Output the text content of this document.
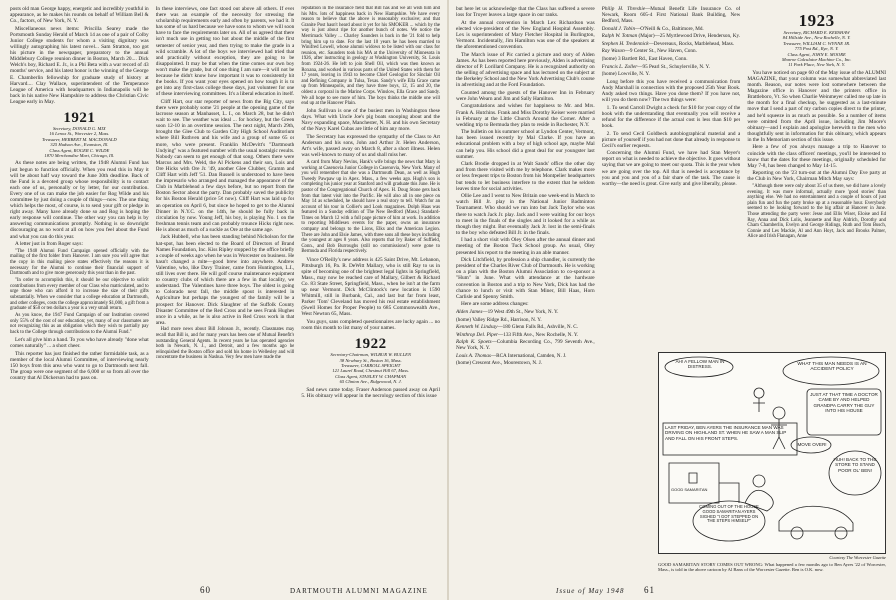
posts old man George happy, energetic and incredibly youthful in appearance, as he makes his rounds on behalf of William Bell & Co., factors, of New York, N. Y.

Miscellaneous news items: Priscilla Searey made the Portsmouth Sunday Herald of March 14 as one of a pair of Colby Junior College students for whom a visiting dignitary was willingly autographing his latest novel... Sam Stratton, too got his picture in the newspaper, preparatory to the annual Middlebury College reunion dinner in Boston, March 20.... Dick Welch's boy, Richard E. Jr., is a Phi Beta with a war record of 43 months' service, and his latest honor is the winning of the George E. Chamberlin fellowship for graduate study of history at Harvard.... Clay Wallace, superintendent of the Temperance League of America with headquarters in Indianapolis will be back in his native New Hampshire to address the Christian Civic League early in May.

1921
Secretary, DONALD G. MIX
16 Lenox St., Worcester 2, Mass.
Treasurer, HERBERT M. MACDONALD
325 Hudson Ave., Evanston, Ill.
Class Agent, ROGER C. WILDE
1870 Merchandise Mart, Chicago, Ill.

As these notes are being written, the 1948 Alumni Fund has just begun to function officially. When you read this in May it will be about half way toward the June 30th deadline. Back of the Fund is a devoted group whose responsibility is to contact each one of us, personally or by letter, for our contribution. Every one of us can make the job easier for Rog Wilde and his committee by just doing a couple of things—now. The one thing which helps the most, of course, is to send your gift or pledge in right away. Many have already done so and Rog is hoping the early response will continue. The other way you can help is by answering communications promptly. Nothing is so downright discouraging as no word at all on how you feel about the Fund and what you can do this year.

A letter just in from Roger says:

"The 1948 Alumni Fund Campaign opened officially with the mailing of the first folder from Hanover. I am sure you will agree that the copy in this mailing piece states effectively the reasons it is necessary for the Alumni to continue their financial support of Dartmouth and to give more generously this year than in the past.

"In order to accomplish this, it should be our objective to solicit contributions from every member of our Class who matriculated, and to urge those who can afford it to increase the size of their gifts substantially. When we consider that a college education at Dartmouth, and other colleges, costs the college approximately $1,000, a gift from a graduate of $50 or ten dollars a year is a very small return.

As you know, the 1947 Fund Campaign of our Institution covered only 55% of the cost of our education; yet, many of our classmates are not recognizing this as an obligation which they wish to partially pay back to the College through contributions to the Alumni Fund."

Let's all give him a hand. To you who have already "done what comes naturally" ... a short cheer.

This reporter has just finished the rather formidable task, as a member of the local Alumni Committee, of interviewing nearly 150 boys from this area who want to go to Dartmouth next fall. The group were one segment of the 6,000 or so from all over the country that Al Dickerson had to pass on.

In these interviews, one fact stood out above all others. If ever there was an example of the necessity for stressing the scholarship requirements early and often by parents, we had it. It has some of us hard because we have sons to whom we will soon have to face the requirements later on. All of us agreed that there isn't much use in getting too hot about the middle of the first semester of senior year, and then trying to make the grade in a wild scramble. A lot of the boys we interviewed had tried that and practically without exception, they are going to be disappointed. It may be that when the time comes our own boy won't make the grade, but of one thing I am sure—it will not be because he didn't know how important it was to consistently hit the books. If you want your eyes opened on how tough it is to get into any first-class college these days, just volunteer for one of these interviewing committees. It's a liberal education in itself.

Cliff Hart, our star reporter of news from the Big City, says there were probably some '21 people at the opening game of the lacrosse season at Manhasset, L. I., on March 28, but he didn't wait to see. The weather was ideal ... for hockey, but the Green soon 12-10 in an overtime session. The next night, March 29th, brought the Glee Club to Garden City High School Auditorium where Bill Ruthven and his wife and a group of some 65 or more, who were present. Franklin McDevitt's "Dartmouth Undying" was a featured number with the usual nostalgic results. Nobody can seem to get enough of that song. Others there were Marcus and Mrs. Weld, the Al Pickens and their son, Lois and Ore Hicks with Ore Jr. '49, another Glee Clubber, Gramm and Cliff Hart with Jeff '51. Dan Russell is understood to have been the impresario who arranged and managed the appearance of the Club in Marblehead a few days before, but no report from the Boston Sector about the party. Dan probably saved the publicity for his Boston Herald (price 5¢ now). Cliff Hart was laid up for an operation on April 6, but since he hoped to get to the Alumni Dinner in N.Y.C. on the 14th, he should be fully back in circulation by now. Young Jeff, his boy, is playing No. 1 on the freshman tennis team and can probably trounce Hicks right now. He is about as much of a suckle as Ore at the same age.

Jack Hubbell, who has been standing behind Nicholson for the hat-spot, has been elected to the Board of Directors of Brand Names Foundation, Inc. Kiss Ripley stopped by the office briefly a couple of weeks ago when he was in Worcester on business. He hasn't changed a mite—good brew into anywhere. Andrew Valentine, who, like Davy Trainer, came from Huntington, L.I., still lives over there. He will golf course maintenance equipment to country clubs of which there are a few in that locality, we understand. The Valentines have three boys. The oldest is going to Colorado next fall, the middle spout is interested in Agriculture but perhaps the youngest of the family will be a prospect for Hanover. Dick Slaughter of the Suffolk County Disaster Committee of the Red Cross and he sees Frank Hughes once in a while, as he is also active in Red Cross work in that area.

Had more news about Bill Johnson Jr., recently. Classmates may recall that Bill is, and for many years has been one of Mutual Benefit's outstanding General Agents. In recent years he has operated agencies both in Newark, N. J., and Detroit, and a few months ago he relinquished the Boston office and sold his home in Wellesley and will concentrate the business in Nashua. Very few men have made the

reputation in the insurance field that Bill has and we all wish him and his Mrs. lots of happiness back in New Hampshire. We have every reason to believe that the above is reasonably exclusive; and that Granite Post hasn't heard about it yet for his SMOKER ... which by the way is just about ripe for another bunch of notes. We notice the Merrimack Valley ... Charley Saunders is back in the '21 fold to help bring him up to date. For the last 10 years he has been married to Winifred Lowell, whose alumni widows to be listed with our class for reunion, etc. Saunders took his MA at the University of Minnesota in 1926, after instructing in geology at Washington University, St. Louis from 1924-26. He left to join Shell Oil, which was then known as Roxana, and worked in various parts of the United States with them for 17 years, leaving in 1943 to become Chief Geologist for Sinclair Oil and Refining Company in Tulsa, Texas. Sandy's wife Ella Grace came up from Minneapolis, and they have three boys, 12, 15 and 20, the oldest a corporal in the Marine Corps. Winslow, Ella Grace and Sandy. We all hope to see more of him. The boys thinks the middle one will end up at the Hanover Plain.

John Sullivan is one of the busiest men in Washington these days. What with Uncle Joe's pig boats snooping about and the Navy expanding space, Manchester, N. H. and his own Secretary of the Navy Karel Cubas are little of him any more.

The Secretary has expressed the sympathy of the Class to Art Anderson and his sons, John and Arthur Jr. Helen Anderson, Art's wife, passed away on March 8, after a short illness. Helen was well-known to many of us and shall miss her.

A card from Mary Nevins, Hank's wife brings the news that Mary is working at Casenovia Junior College in Casenovia, New York. Many of you will remember that she was a Dartmouth Dean, as well as Hugh Tweedy Pawpaw up in Apex. Mass., a few weeks ago. Hugh's son is completing his junior year at Stanford and will graduate this June. He is pastor of the Congregational Church of Apex. H. Doug Stone gets back from that latest visit into the Pacific. He will also all in one piece on May 14 as scheduled, he should have a real story to tell. Watch for an account of his tour in Collier's and Look magazines. Dolph Haas was featured in a Sunday edition of The New Bedford (Mass.) Standard-Times on March 12 with a full page picture of him at work. In addition to reporting Middlesex events for the paper, owns an insurance company and belongs to the Lions, Elks and the American Legion. There are John and Elsie James, with three sons all these boys including the youngest at ages 8 years. Also reports that Ivy Baker of Suffield, Conn., and Bob Burroughs (still no commissions!) were gone to Bermuda and Florida respectively.

Vince O'Reilly's new address is 425 Saint Drive, Mt. Lebanon, Pittsburgh 16, Pa. R. DeWitt Mallary, who is still Ray to us in spite of becoming one of the brightest legal lights in Springfield, Mass., may now be reached care of Mallary, Gilbert & Richard Co. 83 State Street, Springfield, Mass., when he isn't at the farm up near Vermont. Dick McClintock's new location is 1590 Whitmill, still in Burbank, Cal., and last but far from least, Parker 'Tom' Cleveland has moved his real estate establishment (Swell Homes for Proper People) to 685 Commonwealth Ave., West Newton 65, Mass.

You guys, sans completed questionnaires are lucky again ... no room this month to list many of your names.

1922
Secretary-Chairman, WILBUR W. BULLEN
38 Newbury St., Boston 16, Mass.
Treasurer, CARROLL SPEIGHT
121 Laurel Road, Chestnut Hill 67, Mass.
Class Agent, STANLEY W. CHAPMAN
65 Clinton Ave., Ridgewood, N. J.

Sad news came today. Fraser Anderson passed away on April 5. His obituary will appear in the necrology section of this issue

60	DARTMOUTH ALUMNI MAGAZINE

but here let us acknowledge that the Class has suffered a severe loss for Troyer leaves a large space in our ranks.

At the annual convention in March Lex Richardson was elected vice-president of the New England Hospital Assembly. Lex is superintendent of Mary Fletcher Hospital in Burlington, Vermont. Incidentally, Jim Hamilton was one of the speakers at the aforementioned convention.

The March issue of Pic carried a picture and story of Alden James. As has been reported here previously, Alden is advertising director of P. Lorillard Company. He is a recognized authority on the selling of advertising space and has lectured on the subject at the Berkeley School and the New York Advertising Club's course in advertising and at the Ford Foundation.

Counted among the guests of the Hanover Inn in February were John Wearn and Jim and Sally Hamilton.

Congratulations and wishes for happiness to Mr. and Mrs. Frank A. Hutchins. Frank and Miss Dorothy Keiser were married in February at the Little Church Around the Corner. After a wedding trip to Bermuda they plan to reside in Rochester, N.Y.

The bulletin on his summer school at Lyndon Center, Vermont, has been issued recently by Mal Clarke. If you have an educational problem with a boy of high school age, maybe Mal can help you. His school did a great deal for our youngster last summer.

Clark Brodie dropped in at Walt Sands' office the other day and from there visited with me by telephone. Clark makes more or less frequent trips to Boston from his Montpelier headquarters but tends to let business interfere to the extent that he seldom leaves time for social activities.

Ollie Lee and I went to New Britain one week-end in March to watch Bill Jr. play in the National Junior Badminton Tournament. Who should we run into but Jack Taylor who was there to watch Jack Jr. play. Jack and I were waiting for our boys to meet in the finals of the singles and it looked for a while as though they might. But eventually Jack Jr. lost in the semi-finals to the boy who defeated Bill Jr. in the finals.

I had a short visit with Oley Olsen after the annual dinner and meeting of the Boston Tuck School group. As usual, Oley presented his report to the meeting in an able manner.

Dick Litchfield, by profession a ship chandler, is currently the president of the Charles River Club of Dartmouth. He is working on a plan with the Boston Alumni Association to co-sponsor a "Hum" in June. What with attendance at the hardware convention in Boston and a trip to New York, Dick has had the chance to lunch or visit with Stan Miner, Bill Haas, Horn Carlisle and Spenny Smith.

Here are some address changes:

Alden James—19 West 49th St., New York, N. Y.
(home) Valley Ridge Rd., Harrison, N. Y.
Kenneth W. Lindsay—180 Glenn Falls Rd., Ashville, N. C.
Winthrop Del. Piper—133 Fifth Ave., New Rochelle, N. Y.
Ralph K. Spoets—Columbia Recording Co., 799 Seventh Ave., New York, N. Y.
Louis A. Thomas—RCA International, Camden, N. J.
(home) Crescent Ave., Moorestown, N. J.
Philip H. Threshie—Mutual Benefit Life Insurance Co. of Newark, Room 605-4 First National Bank Building, New Bedford, Mass.
Donald J. Tobin—O'Neill & Co., Baltimore, Md.
Ralph W. Totman (Major)—25 Myrtlewood Drive, Henderson, Ky.
Stephen H. Tredennick—Devereaux, Rocks, Marblehead, Mass.
Ray Wason—9 Center St., New Haven, Conn.
(home) 3 Bartlett Rd., East Haven, Conn.
Francis L. Zoller—95 Pearl St., Schuylerville, N. Y.
(home) Lowville, N. Y.

Long before this you have received a communication from Andy Marshall in connection with the proposed 25th Year Book. Andy asked two things. Have you done them? If you have not, will you do them now? The two things were:

1. To send Carroll Dwight a check for $10 for your copy of the book with the understanding that eventually you will receive a refund for the difference if the actual cost is less than $10 per book.

2. To send Cecil Goldbeck autobiographical material and a picture of yourself if you had not done that already in response to Cecil's earlier requests.

Concerning the Alumni Fund, we have had Stan Meyer's report on what is needed to achieve the objective. It goes without saying that we are going to meet our quota. This is the year when we are going over the top. All that is needed is acceptance by you and you and you of a fair share of the task. The cause is worthy—the need is great. Give early and give liberally, please.

1923
Secretary, RICHARD E. KERSHAW
84 Hillside Ave., New Rochelle, N. Y.
Treasurer, WILLIAM C. WYNNE JR.
775 Post Rd., Rye, N. Y.
Class Agent, JOHN E. MOORE
Monroe Calculator Machine Co., Inc.
11 Park Place, New York, N. Y.

You have noticed on page 60 of the May issue of the ALUMNI MAGAZINE, that your column was somewhat abbreviated last month. Reason, our notes were lost somewhere between the Magazine office in Hanover and the printers office in Brattleboro, Vt. So when Charlie Weinmeyer called me up late in the month for a final checkup, he suggested as a last-minute move that I send a part of my carbon copies direct to the printer, and he'd squeeze in as much as possible. So a number of items were omitted from the April issue, including Jim Moore's obituary—and I explain and apologize herewith to the men who thoughtfully sent in information for this obituary, which appears in the In Memoriam section of this issue.

Here a few of you always manage a trip to Hanover to coincide with the class officers' meetings, you'll be interested to know that the dates for these meetings, originally scheduled for May 7-8, has been changed to May 14-15.

Reporting on the '23 turn-out at the Alumni Day Eve party at the Club in New York, Chairman Mitch May says:

"Although there were only about 35 of us there, we did have a lovely evening. It was more informal, actually more 'good stories' than anything else. We had no entertainment and a couple of hours of just plain fun and fun the party broke up at a reasonable hour. Everybody seemed to be looking forward to the big affair at Hanover in June. Those attending the party were: Jesse and Ellis Wiser, Eloise and Ed Ray, Anna and Dick Lolis, Jeannette and Ray Aldrich, Dorothy and Cham Chamberlin, Evelyn and George Ridings, Ruth and Tom Busch, Connie and Les Mackie, Al and Ann Hoyt, Jack and Brooks Palmer, Alice and Irish Flanagan, Anne

AH! A FELLOW MAN IN DISTRESS.	WHAT THIS MAN NEEDS IS AN ACCIDENT POLICY
JUST AT THAT TIME A DOCTOR CAME BY AND HELPED GRANDPA CARRY THE GUY INTO HIS HOUSE
LAST FRIDAY, BEN AYERS THE INSURANCE MAN WAS DRIVING ON HIGHLAND ST. WHEN HE SAW A MAN SLIP AND FALL ON HIS FRONT STEPS.
COMING OUT OF THE HOUSE GOOD SAMARITAN AYERS SIGHED "I GOT STEPPED ON THE STEPS HIMSELF"
MOVE OVER!
HUH! BACK TO THE STORE TO STAND POOR OL' BEN!
GOOD SAMARITAN
Courtesy The Worcester Gazette
GOOD SAMARITAN STORY COMES OUT WRONG: What happened a few months ago to Ben Ayres '22 of Worcester, Mass., is told in the above cartoon by Al Banx of the Worcester Gazette. Ben is O.K. now.
Issue of May 1948 61
